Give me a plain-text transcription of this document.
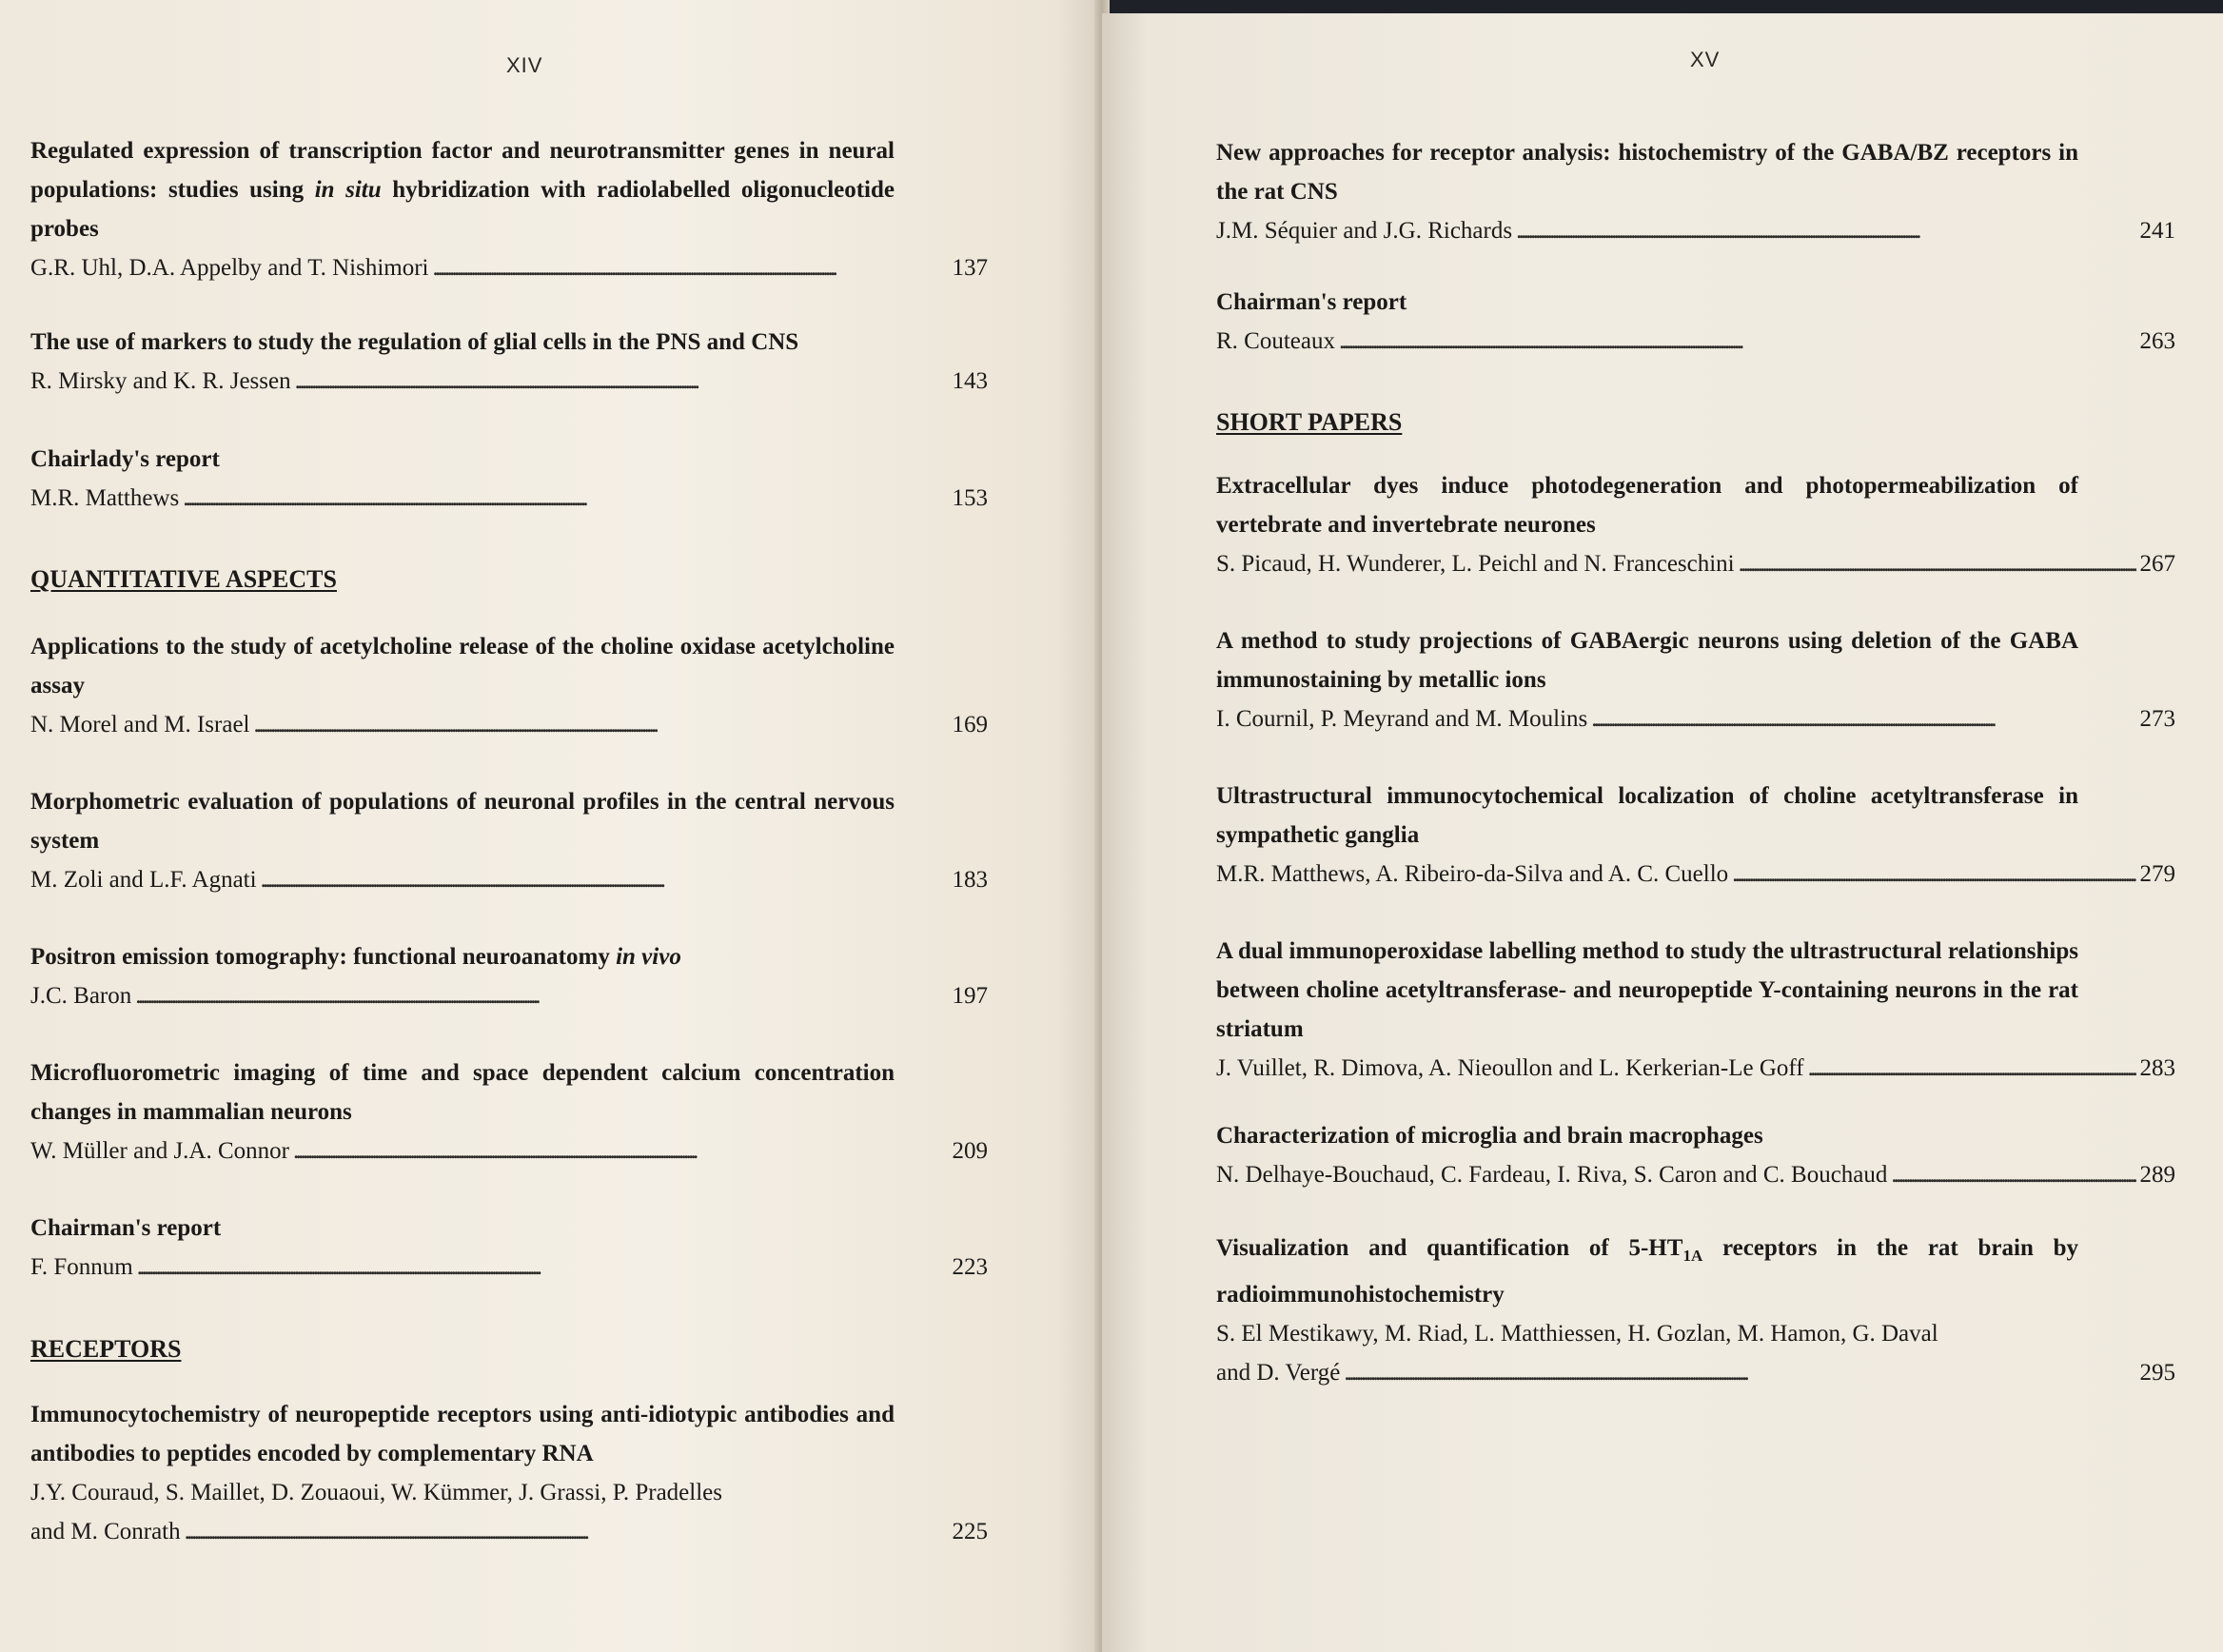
XIV
Regulated expression of transcription factor and neurotransmitter genes in neural populations: studies using in situ hybridization with radiolabelled oligonucleotide probes
G.R. Uhl, D.A. Appelby and T. Nishimori . . .	137
The use of markers to study the regulation of glial cells in the PNS and CNS
R. Mirsky and K. R. Jessen . . .	143
Chairlady's report
M.R. Matthews . . .	153
QUANTITATIVE ASPECTS
Applications to the study of acetylcholine release of the choline oxidase acetylcholine assay
N. Morel and M. Israel . . .	169
Morphometric evaluation of populations of neuronal profiles in the central nervous system
M. Zoli and L.F. Agnati . . .	183
Positron emission tomography: functional neuroanatomy in vivo
J.C. Baron . . .	197
Microfluorometric imaging of time and space dependent calcium concentration changes in mammalian neurons
W. Müller and J.A. Connor . . .	209
Chairman's report
F. Fonnum . . .	223
RECEPTORS
Immunocytochemistry of neuropeptide receptors using anti-idiotypic antibodies and antibodies to peptides encoded by complementary RNA
J.Y. Couraud, S. Maillet, D. Zouaoui, W. Kümmer, J. Grassi, P. Pradelles
and M. Conrath . . .	225
XV
New approaches for receptor analysis: histochemistry of the GABA/BZ receptors in the rat CNS
J.M. Séquier and J.G. Richards . . .	241
Chairman's report
R. Couteaux . . .	263
SHORT PAPERS
Extracellular dyes induce photodegeneration and photopermeabilization of vertebrate and invertebrate neurones
S. Picaud, H. Wunderer, L. Peichl and N. Franceschini . . .	267
A method to study projections of GABAergic neurons using deletion of the GABA immunostaining by metallic ions
I. Cournil, P. Meyrand and M. Moulins . . .	273
Ultrastructural immunocytochemical localization of choline acetyltransferase in sympathetic ganglia
M.R. Matthews, A. Ribeiro-da-Silva and A. C. Cuello . . .	279
A dual immunoperoxidase labelling method to study the ultrastructural relationships between choline acetyltransferase- and neuropeptide Y-containing neurons in the rat striatum
J. Vuillet, R. Dimova, A. Nieoullon and L. Kerkerian-Le Goff . . .	283
Characterization of microglia and brain macrophages
N. Delhaye-Bouchaud, C. Fardeau, I. Riva, S. Caron and C. Bouchaud . . .	289
Visualization and quantification of $5-HT_{1A}$ receptors in the rat brain by radioimmunohistochemistry
S. El Mestikawy, M. Riad, L. Matthiessen, H. Gozlan, M. Hamon, G. Daval
and D. Vergé . . .	295
